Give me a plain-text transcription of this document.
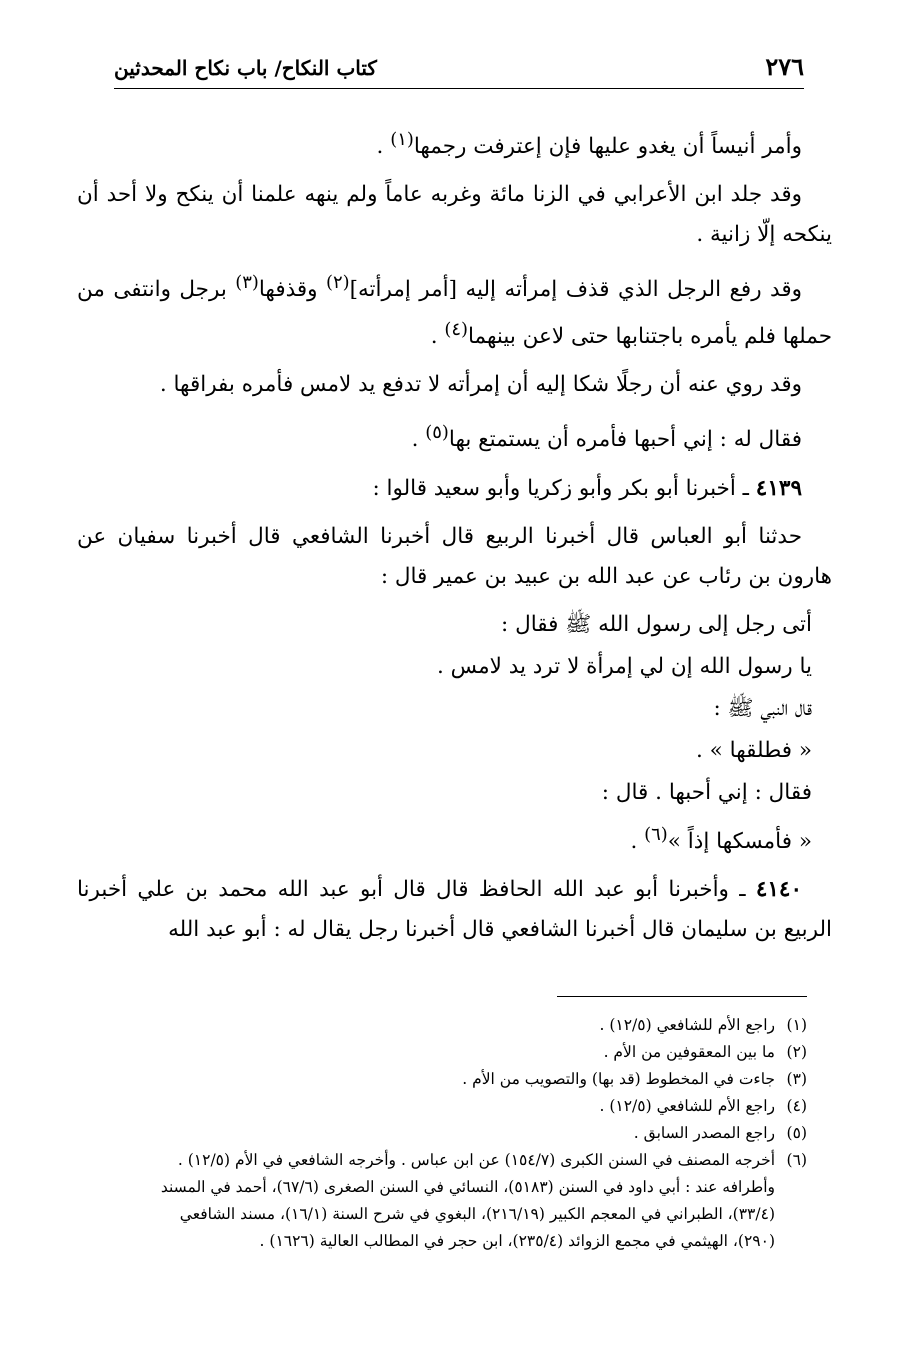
٢٧٦
كتاب النكاح/ باب نكاح المحدثين

وأمر أنيساً أن يغدو عليها فإن إعترفت رجمها$^{(١)}$ .

وقد جلد ابن الأعرابي في الزنا مائة وغربه عاماً ولم ينهه علمنا أن ينكح ولا أحد أن ينكحه إلّا زانية .

وقد رفع الرجل الذي قذف إمرأته إليه [أمر إمرأته]$^{(٢)}$ وقذفها$^{(٣)}$ برجل وانتفى من حملها فلم يأمره باجتنابها حتى لاعن بينهما$^{(٤)}$ .

وقد روي عنه أن رجلًا شكا إليه أن إمرأته لا تدفع يد لامس فأمره بفراقها .

فقال له : إني أحبها فأمره أن يستمتع بها$^{(٥)}$ .

٤١٣٩ ـ أخبرنا أبو بكر وأبو زكريا وأبو سعيد قالوا :

حدثنا أبو العباس قال أخبرنا الربيع قال أخبرنا الشافعي قال أخبرنا سفيان عن هارون بن رئاب عن عبد الله بن عبيد بن عمير قال :

أتى رجل إلى رسول الله ﷺ فقال :

يا رسول الله إن لي إمرأة لا ترد يد لامس .

قال النبي ﷺ :

« فطلقها » .

فقال : إني أحبها . قال :

« فأمسكها إذاً »$^{(٦)}$ .

٤١٤٠ ـ وأخبرنا أبو عبد الله الحافظ قال قال أبو عبد الله محمد بن علي أخبرنا الربيع بن سليمان قال أخبرنا الشافعي قال أخبرنا رجل يقال له : أبو عبد الله

(١)
راجع الأم للشافعي (١٢/٥) .
(٢)
ما بين المعقوفين من الأم .
(٣)
جاءت في المخطوط (قد بها) والتصويب من الأم .
(٤)
راجع الأم للشافعي (١٢/٥) .
(٥)
راجع المصدر السابق .
(٦)
أخرجه المصنف في السنن الكبرى (١٥٤/٧) عن ابن عباس . وأخرجه الشافعي في الأم (١٢/٥) .
وأطرافه عند : أبي داود في السنن (٥١٨٣)، النسائي في السنن الصغرى (٦٧/٦)، أحمد في المسند
(٣٣/٤)، الطبراني في المعجم الكبير (٢١٦/١٩)، البغوي في شرح السنة (١٦/١)، مسند الشافعي
(٢٩٠)، الهيثمي في مجمع الزوائد (٢٣٥/٤)، ابن حجر في المطالب العالية (١٦٢٦) .
